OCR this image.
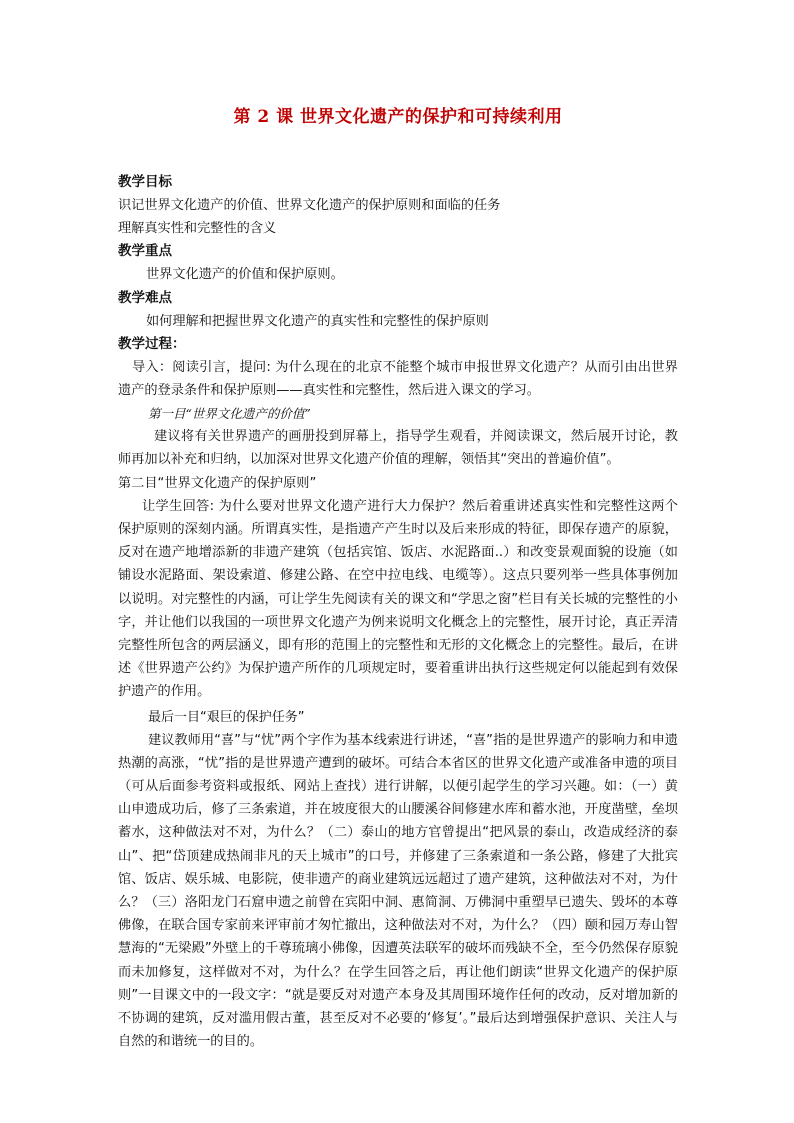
第 2 课 世界文化遗产的保护和可持续利用

教学目标

识记世界文化遗产的价值、世界文化遗产的保护原则和面临的任务

理解真实性和完整性的含义

教学重点

世界文化遗产的价值和保护原则。

教学难点

如何理解和把握世界文化遗产的真实性和完整性的保护原则

教学过程：

导入：阅读引言，提问: 为什么现在的北京不能整个城市申报世界文化遗产？从而引由出世界遗产的登录条件和保护原则——真实性和完整性，然后进入课文的学习。

第一目“世界文化遗产的价值”

建议将有关世界遗产的画册投到屏幕上，指导学生观看，并阅读课文，然后展开讨论，教师再加以补充和归纳，以加深对世界文化遗产价值的理解，领悟其“突出的普遍价值”。

第二目“世界文化遗产的保护原则”

让学生回答: 为什么要对世界文化遗产进行大力保护？然后着重讲述真实性和完整性这两个保护原则的深刻内涵。所谓真实性，是指遗产产生时以及后来形成的特征，即保存遗产的原貌，反对在遗产地增添新的非遗产建筑（包括宾馆、饭店、水泥路面..）和改变景观面貌的设施（如铺设水泥路面、架设索道、修建公路、在空中拉电线、电缆等）。这点只要列举一些具体事例加以说明。对完整性的内涵，可让学生先阅读有关的课文和“学思之窗”栏目有关长城的完整性的小字，并让他们以我国的一项世界文化遗产为例来说明文化概念上的完整性，展开讨论，真正弄清完整性所包含的两层涵义，即有形的范围上的完整性和无形的文化概念上的完整性。最后，在讲述《世界遗产公约》为保护遗产所作的几项规定时，要着重讲出执行这些规定何以能起到有效保护遗产的作用。

最后一目“艰巨的保护任务”

建议教师用“喜”与“忧”两个字作为基本线索进行讲述，“喜”指的是世界遗产的影响力和申遗热潮的高涨，“忧”指的是世界遗产遭到的破坏。可结合本省区的世界文化遗产或准备申遗的项目（可从后面参考资料或报纸、网站上查找）进行讲解，以便引起学生的学习兴趣。如：（一）黄山申遗成功后，修了三条索道，并在坡度很大的山腰溪谷间修建水库和蓄水池，开度凿壁，垒坝蓄水，这种做法对不对，为什么？（二）泰山的地方官曾提出“把风景的泰山，改造成经济的泰山”、把“岱顶建成热闹非凡的天上城市”的口号，并修建了三条索道和一条公路，修建了大批宾馆、饭店、娱乐城、电影院，使非遗产的商业建筑远远超过了遗产建筑，这种做法对不对，为什么？（三）洛阳龙门石窟申遗之前曾在宾阳中洞、惠简洞、万佛洞中重塑早已遗失、毁坏的本尊佛像，在联合国专家前来评审前才匆忙撤出，这种做法对不对，为什么？（四）颐和园万寿山智慧海的“无梁殿”外壁上的千尊琉璃小佛像，因遭英法联军的破坏而残缺不全，至今仍然保存原貌而未加修复，这样做对不对，为什么？在学生回答之后，再让他们朗读“世界文化遗产的保护原则”一目课文中的一段文字：“就是要反对对遗产本身及其周围环境作任何的改动，反对增加新的不协调的建筑，反对滥用假古董，甚至反对不必要的‘修复’。”最后达到增强保护意识、关注人与自然的和谐统一的目的。
